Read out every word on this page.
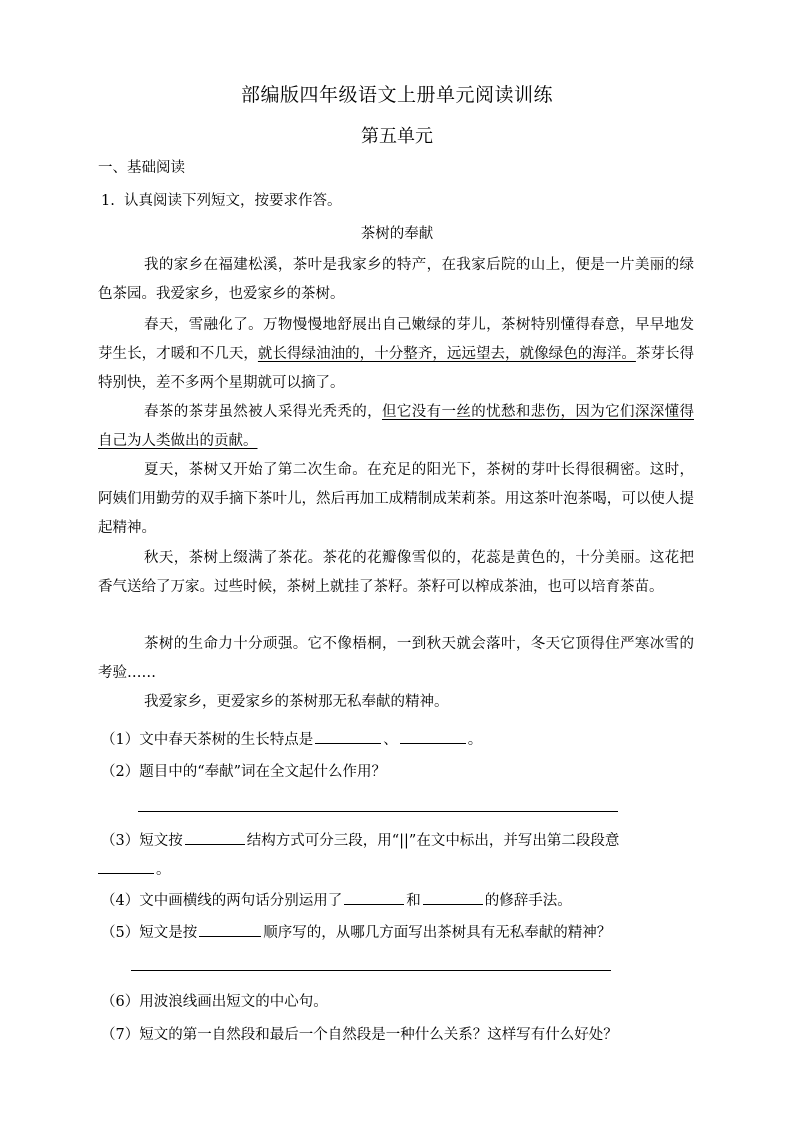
部编版四年级语文上册单元阅读训练
第五单元
一、基础阅读
1.  认真阅读下列短文，按要求作答。
茶树的奉献

我的家乡在福建松溪，茶叶是我家乡的特产，在我家后院的山上，便是一片美丽的绿色茶园。我爱家乡，也爱家乡的茶树。

春天，雪融化了。万物慢慢地舒展出自己嫩绿的芽儿，茶树特别懂得春意，早早地发芽生长，才暖和不几天，就长得绿油油的，十分整齐，远远望去，就像绿色的海洋。茶芽长得特别快，差不多两个星期就可以摘了。

春茶的茶芽虽然被人采得光秃秃的，但它没有一丝的忧愁和悲伤，因为它们深深懂得自己为人类做出的贡献。

夏天，茶树又开始了第二次生命。在充足的阳光下，茶树的芽叶长得很稠密。这时，阿姨们用勤劳的双手摘下茶叶儿，然后再加工成精制成茉莉茶。用这茶叶泡茶喝，可以使人提起精神。

秋天，茶树上缀满了茶花。茶花的花瓣像雪似的，花蕊是黄色的，十分美丽。这花把香气送给了万家。过些时候，茶树上就挂了茶籽。茶籽可以榨成茶油，也可以培育茶苗。

茶树的生命力十分顽强。它不像梧桐，一到秋天就会落叶，冬天它顶得住严寒冰雪的考验……

我爱家乡，更爱家乡的茶树那无私奉献的精神。

（1）文中春天茶树的生长特点是	、	。
（2）题目中的“奉献”词在全文起什么作用？
（3）短文按	结构方式可分三段，用“||”在文中标出，并写出第二段段意
。
（4）文中画横线的两句话分别运用了	和	的修辞手法。
（5）短文是按	顺序写的，从哪几方面写出茶树具有无私奉献的精神？
（6）用波浪线画出短文的中心句。
（7）短文的第一自然段和最后一个自然段是一种什么关系？这样写有什么好处？
